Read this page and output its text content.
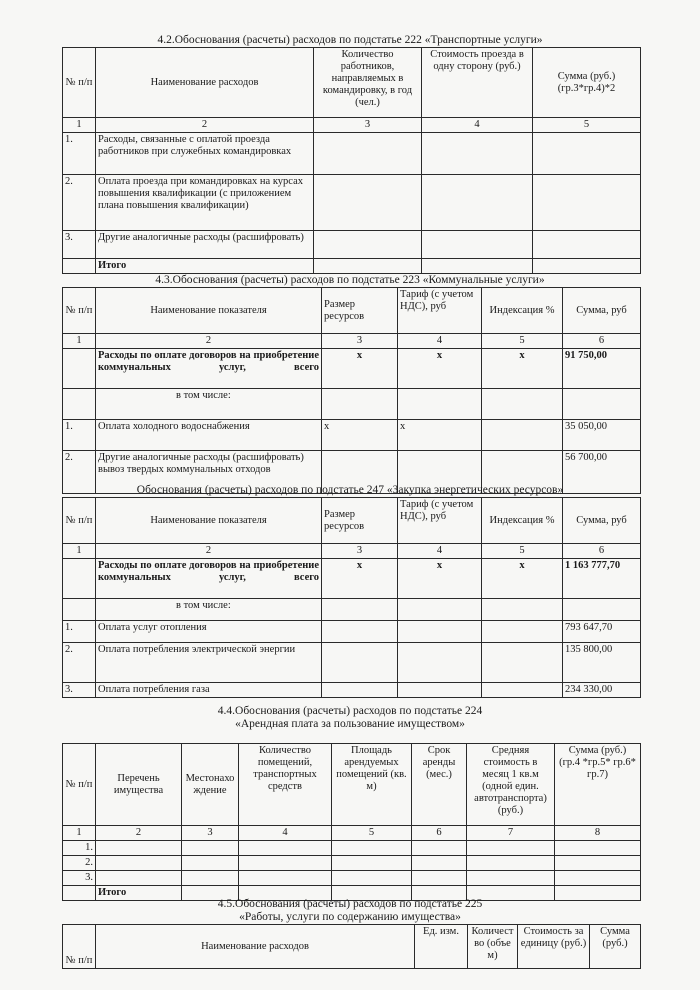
4.2.Обоснования (расчеты) расходов по подстатье 222 «Транспортные услуги»
№ п/п	Наименование расходов	Количество работников, направляемых в командировку, в год (чел.)	Стоимость проезда в одну сторону (руб.)	Сумма (руб.) (гр.3*гр.4)*2
1	2	3	4	5
1.	Расходы, связанные с оплатой проезда работников при служебных командировках			
2.	Оплата проезда при командировках на курсах повышения квалификации (с приложением плана повышения квалификации)			
3.	Другие аналогичные расходы (расшифровать)			
	Итого			
4.3.Обоснования (расчеты) расходов по подстатье 223 «Коммунальные услуги»
№ п/п	Наименование показателя	Размер ресурсов	Тариф (с учетом НДС), руб	Индексация %	Сумма, руб
1	2	3	4	5	6
	Расходы по оплате договоров на приобретение коммунальных услуг, всего	x	x	x	91 750,00
	в том числе:				
1.	Оплата холодного водоснабжения	x	x		35 050,00
2.	Другие аналогичные расходы (расшифровать) вывоз твердых коммунальных отходов				56 700,00
Обоснования (расчеты) расходов по подстатье 247 «Закупка энергетических ресурсов»
№ п/п	Наименование показателя	Размер ресурсов	Тариф (с учетом НДС), руб	Индексация %	Сумма, руб
1	2	3	4	5	6
	Расходы по оплате договоров на приобретение коммунальных услуг, всего	x	x	x	1 163 777,70
	в том числе:				
1.	Оплата услуг отопления				793 647,70
2.	Оплата потребления электрической энергии				135 800,00
3.	Оплата потребления газа				234 330,00
4.4.Обоснования (расчеты) расходов по подстатье 224
«Арендная плата за пользование имуществом»
№ п/п	Перечень имущества	Местонахождение	Количество помещений, транспортных средств	Площадь арендуемых помещений (кв. м)	Срок аренды (мес.)	Средняя стоимость в месяц 1 кв.м (одной един. автотранспорта) (руб.)	Сумма (руб.) (гр.4 *гр.5* гр.6* гр.7)
1	2	3	4	5	6	7	8
1.							
2.							
3.							
	Итого						
4.5.Обоснования (расчеты) расходов по подстатье 225
«Работы, услуги по содержанию имущества»
№ п/п	Наименование расходов	Ед. изм.	Количество (объем)	Стоимость за единицу (руб.)	Сумма (руб.)
